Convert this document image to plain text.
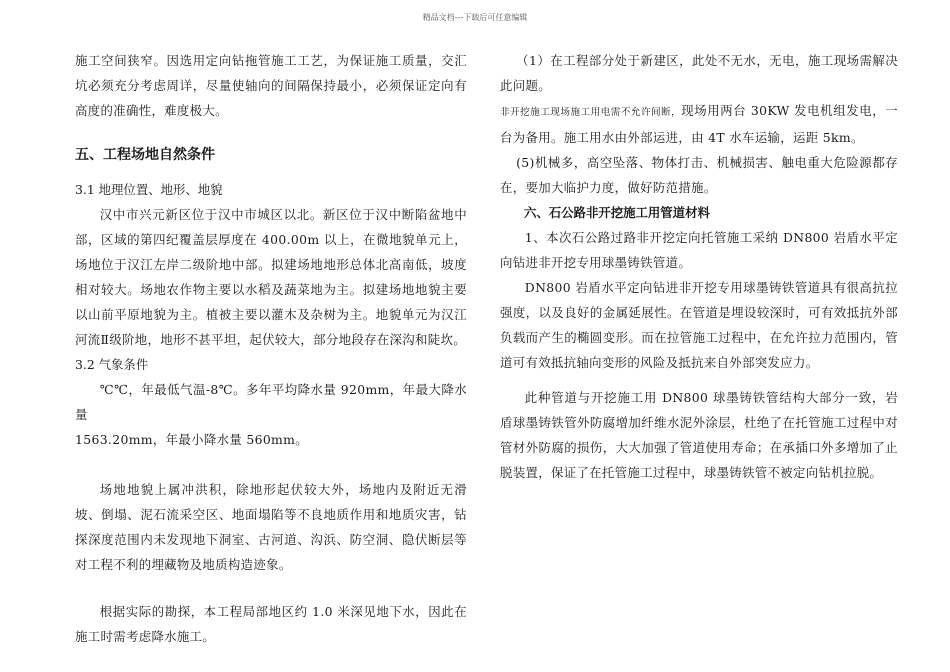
精品文档---下载后可任意编辑

施工空间狭窄。因选用定向钻拖管施工工艺，为保证施工质量，交汇坑必须充分考虑周详，尽量使轴向的间隔保持最小，必须保证定向有高度的准确性，难度极大。

五、工程场地自然条件

3.1 地理位置、地形、地貌

汉中市兴元新区位于汉中市城区以北。新区位于汉中断陷盆地中部，区域的第四纪覆盖层厚度在 400.00m 以上，在微地貌单元上，场地位于汉江左岸二级阶地中部。拟建场地地形总体北高南低，坡度相对较大。场地农作物主要以水稻及蔬菜地为主。拟建场地地貌主要以山前平原地貌为主。植被主要以灌木及杂树为主。地貌单元为汉江河流Ⅱ级阶地，地形不甚平坦，起伏较大，部分地段存在深沟和陡坎。

3.2 气象条件

℃℃，年最低气温-8℃。多年平均降水量 920mm，年最大降水量

1563.20mm，年最小降水量 560mm。

场地地貌上属冲洪积，除地形起伏较大外，场地内及附近无滑坡、倒塌、泥石流采空区、地面塌陷等不良地质作用和地质灾害，钻探深度范围内未发现地下洞室、古河道、沟浜、防空洞、隐伏断层等对工程不利的埋藏物及地质构造迹象。

根据实际的勘探，本工程局部地区约 1.0 米深见地下水，因此在施工时需考虑降水施工。

（1）在工程部分处于新建区，此处不无水，无电，施工现场需解决此问题。

非开挖施工现场施工用电需不允许间断，现场用两台 30KW 发电机组发电，一台为备用。施工用水由外部运进，由 4T 水车运输，运距 5km。

(5)机械多，高空坠落、物体打击、机械损害、触电重大危险源都存在，要加大临护力度，做好防范措施。

六、石公路非开挖施工用管道材料

1、本次石公路过路非开挖定向托管施工采纳 DN800 岩盾水平定向钻进非开挖专用球墨铸铁管道。

DN800 岩盾水平定向钻进非开挖专用球墨铸铁管道具有很高抗拉强度，以及良好的金属延展性。在管道是埋设较深时，可有效抵抗外部负载而产生的椭圆变形。而在拉管施工过程中，在允许拉力范围内，管道可有效抵抗轴向变形的风险及抵抗来自外部突发应力。

此种管道与开挖施工用 DN800 球墨铸铁管结构大部分一致，岩盾球墨铸铁管外防腐增加纤维水泥外涂层，杜绝了在托管施工过程中对管材外防腐的损伤，大大加强了管道使用寿命；在承插口外多增加了止脱装置，保证了在托管施工过程中，球墨铸铁管不被定向钻机拉脱。
